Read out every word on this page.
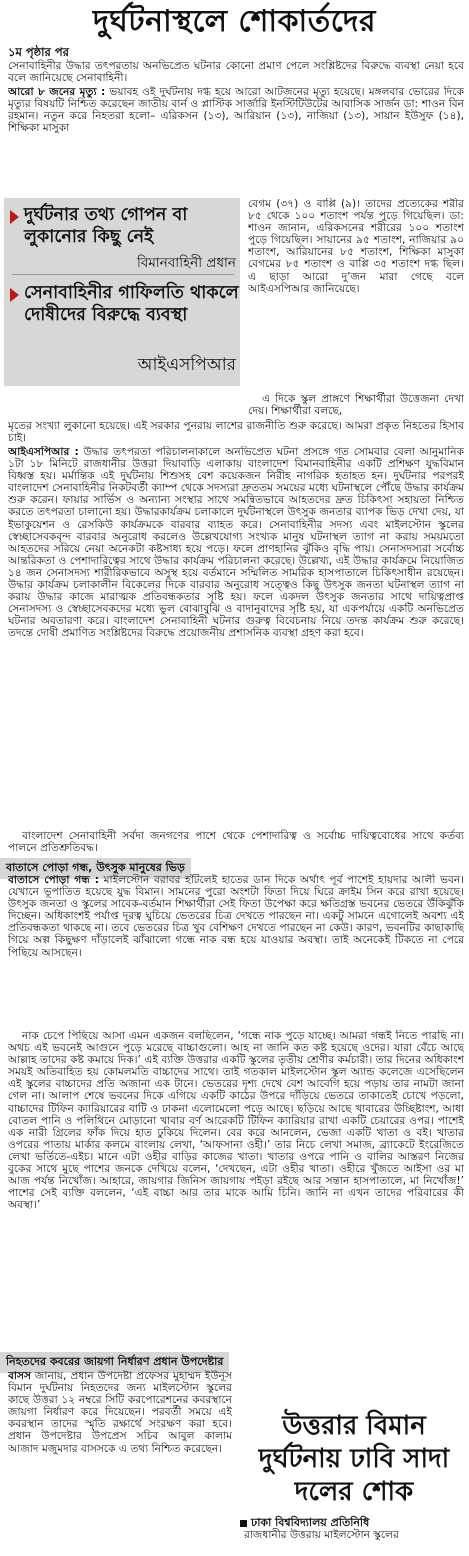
দুর্ঘটনাস্থলে শোকার্তদের
১ম পৃষ্ঠার পর
সেনাবাহিনীর উদ্ধার তৎপরতায় অনভিপ্রেত ঘটনার কোনো প্রমাণ পেলে সংশ্লিষ্টদের বিরুদ্ধে ব্যবস্থা নেয়া হবে বলে জানিয়েছে সেনাবাহিনী।
আরো ৮ জনের মৃত্যু : ভয়াবহ ওই দুর্ঘটনায় দগ্ধ হয়ে আরো আটজনের মৃত্যু হয়েছে। মঙ্গলবার ভোরের দিকে মৃত্যুর বিষয়টি নিশ্চিত করেছেন জাতীয় বার্ন ও প্লাস্টিক সার্জারি ইনস্টিটিউটের আবাসিক সার্জন ডা: শাওন বিন রহমান। নতুন করে নিহতরা হলো– এরিকসন (১৩), আরিয়ান (১৩), নাজিয়া (১৩), সায়ান ইউসুফ (১৪), শিক্ষিকা মাসুকা
দুর্ঘটনার তথ্য গোপন বা লুকানোর কিছু নেই
বিমানবাহিনী প্রধান
সেনাবাহিনীর গাফিলতি থাকলে দোষীদের বিরুদ্ধে ব্যবস্থা
আইএসপিআর
বেগম (৩৭) ও বাপ্পি (৯)। তাদের প্রত্যেকের শরীর ৮৫ থেকে ১০০ শতাংশ পর্যন্ত পুড়ে গিয়েছিল। ডা: শাওন জানান, এরিকসনের শরীরের ১০০ শতাংশ পুড়ে গিয়েছিল। সায়ানের ৯৫ শতাংশ, নাজিয়ার ৯০ শতাংশ, আরিয়ানের ৮৫ শতাংশ, শিক্ষিকা মাসুকা বেগমের ৮৫ শতাংশ ও বাপ্পি ৩৫ শতাংশ দগ্ধ ছিল। এ ছাড়া আরো দু’জন মারা গেছে বলে আইএসপিআর জানিয়েছে।
এ দিকে স্কুল প্রাঙ্গণে শিক্ষার্থীরা উত্তেজনা দেখা দেয়। শিক্ষার্থীরা বলছে,
মৃতের সংখ্যা লুকানো হয়েছে। এই সরকার পুনরায় লাশের রাজনীতি শুরু করেছে। আমরা প্রকৃত নিহতের হিসাব চাই।
আইএসপিআর : উদ্ধার তৎপরতা পরিচালনাকালে অনভিপ্রেত ঘটনা প্রসঙ্গে গত সোমবার বেলা আনুমানিক ১টা ১৮ মিনিটে রাজধানীর উত্তরা দিয়াবাড়ি এলাকায় বাংলাদেশ বিমানবাহিনীর একটি প্রশিক্ষণ যুদ্ধবিমান বিধ্বস্ত হয়। মর্মান্তিক এই দুর্ঘটনায় শিশুসহ বেশ কয়েকজন নিরীহ নাগরিক হতাহত হন। দুর্ঘটনার পরপরই বাংলাদেশ সেনাবাহিনীর নিকটবর্তী ক্যাম্প থেকে সদস্যরা দ্রুততম সময়ের মধ্যে ঘটনাস্থলে পৌঁছে উদ্ধার কার্যক্রম শুরু করেন। ফায়ার সার্ভিস ও অন্যান্য সংস্থার সাথে সমন্বিতভাবে আহতদের দ্রুত চিকিৎসা সহায়তা নিশ্চিত করতে তৎপরতা চালানো হয়। উদ্ধারকার্যক্রম চলাকালে দুর্ঘটনাস্থলে উৎসুক জনতার ব্যাপক ভিড় দেখা দেয়, যা ইভাকুয়েশন ও রেসকিউ কার্যক্রমকে বারবার ব্যাহত করে। সেনাবাহিনীর সদস্য এবং মাইলস্টোন স্কুলের স্বেচ্ছাসেবকবৃন্দ বারবার অনুরোধ করলেও উল্লেখযোগ্য সংখ্যক মানুষ ঘটনাস্থল ত্যাগ না করায় সময়মতো আহতদের সরিয়ে নেয়া অনেকটা কষ্টসাধ্য হয়ে পড়ে। ফলে প্রাণহানির ঝুঁকিও বৃদ্ধি পায়। সেনাসদস্যরা সর্বোচ্চ আন্তরিকতা ও পেশাদারিত্বের সাথে উদ্ধার কার্যক্রম পরিচালনা করেছে। উল্লেখ্য, এই উদ্ধার কার্যক্রমে নিয়োজিত ১৪ জন সেনাসদস্য শারীরিকভাবে অসুস্থ হয়ে বর্তমানে সম্মিলিত সামরিক হাসপাতালে চিকিৎসাধীন রয়েছেন। উদ্ধার কার্যক্রম চলাকালীন বিকেলের দিকে বারবার অনুরোধ সত্ত্বেও কিছু উৎসুক জনতা ঘটনাস্থল ত্যাগ না করায় উদ্ধার কাজে মারাত্মক প্রতিবন্ধকতার সৃষ্টি হয়। ফলে একদল উৎসুক জনতার সাথে দায়িত্বপ্রাপ্ত সেনাসদস্য ও স্বেচ্ছাসেবকদের মধ্যে ভুল বোঝাবুঝি ও বাদানুবাদের সৃষ্টি হয়, যা একপর্যায়ে একটি অনভিপ্রেত ঘটনার অবতারণা করে। বাংলাদেশ সেনাবাহিনী ঘটনার গুরুত্ব বিবেচনায় নিয়ে তদন্ত কার্যক্রম শুরু করেছে। তদন্তে দোষী প্রমাণিত সংশ্লিষ্টদের বিরুদ্ধে প্রয়োজনীয় প্রশাসনিক ব্যবস্থা গ্রহণ করা হবে।
বাংলাদেশ সেনাবাহিনী সর্বদা জনগণের পাশে থেকে পেশাদারিত্ব ও সর্বোচ্চ দায়িত্ববোধের সাথে কর্তব্য পালনে প্রতিশ্রুতিবদ্ধ।
বাতাসে পোড়া গন্ধ, উৎসুক মানুষের ভিড়
বাতাসে পোড়া গন্ধ : মাইলস্টোন বরাবর হাঁটলেই হাতের ডান দিকে অর্থাৎ পূর্ব পাশেই হায়দার আলী ভবন। যেখানে ভূপাতিত হয়েছে যুদ্ধ বিমান। সামনের পুরো অংশটা ফিতা দিয়ে ঘিরে ক্রাইম সিন করে রাখা হয়েছে। উৎসুক জনতা ও স্কুলের সাবেক-বর্তমান শিক্ষার্থীরা সেই ফিতা উপেক্ষা করে ক্ষতিগ্রস্ত ভবনের ভেতরে উঁকিঝুঁকি দিচ্ছেন। অধিকাংশই পর্যাপ্ত দূরত্ব ঘুচিয়ে ভেতরের চিত্র দেখতে পারছেন না। একটু সামনে এগোলেই অবশ্য এই প্রতিবন্ধকতা থাকছে না। তবে ভেতরের চিত্র খুব বেশিক্ষণ দেখতে পারছেন না কেউ। কারণ, ভবনটির কাছাকাছি গিয়ে অল্প কিছুক্ষণ দাঁড়ালেই ঝাঁঝালো গন্ধে নাক বন্ধ হয়ে যাওয়ার অবস্থা। তাই অনেকেই টিকতে না পেরে পিছিয়ে আসছেন।
নাক চেপে পিছিয়ে আসা এমন একজন বলছিলেন, ‘গন্ধে নাক পুড়ে যাচ্ছে। আমরা গন্ধই নিতে পারছি না। অথচ এই ভবনেই আগুনে পুড়ে মরেছে বাচ্চাগুলো। আহ না জানি কত কষ্ট হয়েছে ওদের। যারা বেঁচে আছে আল্লাহ তাদের কষ্ট কমায়ে দিক।’ এই ব্যক্তি উত্তরার একটি স্কুলের তৃতীয় শ্রেণীর কর্মচারী। তার দিনের অধিকাংশ সময়ই অতিবাহিত হয় কোমলমতি বাচ্চাদের সাথে। তাই গতকাল মাইলস্টোন স্কুল অ্যান্ড কলেজে এসেছিলেন এই স্কুলের বাচ্চাদের প্রতি অজানা এক টানে। ভেতরের দৃশ্য দেখে বেশ আবেগি হয়ে পড়ায় তার নামটা জানা গেল না। আলাপ শেষে ভবনের দিকে এগিয়ে একটি কাঠের উপরে দাঁড়িয়ে ভেতরে তাকাতেই চোখে পড়লো, বাচ্চাদের টিফিন ক্যারিয়ারের বাটি ও ঢাকনা এলোমেলো পড়ে আছে। ছড়িয়ে আছে খাবারের উচ্ছিষ্টাংশ, আধা বোতল পানি ও পলিথিনে মোড়ানো খাবার বর্ণ আরেকটি টিফিন ক্যারিয়ার রাখা একটি চেয়ারের ওপর। পাশেই এক নারী গ্রিলের ফাঁক দিয়ে হাত ঢুকিয়ে দিলেন। বের করে আনলেন, ভেজা একটি খাতা ও বই। খাতার ওপরের পাতায় মার্কার কলমে বাংলায় লেখা, ‘আফসানা ওহী।’ তার নিচে লেখা সমাজ, ব্র্যাকেটে ইংরেজিতে লেখা ভর্তিতে-এইচ। মানে এটা ওহীর বাড়ির কাজের খাতা। খাতার ওপরে পানি ও বালির আস্তরণ নিজের বুকের সাথে মুছে পাশের জনকে দেখিয়ে বলেন, ‘দেখছেন, এটা ওহীর খাতা। ওহীরে খুঁজতে আইসা ওর মা আজ পর্যন্ত নিখোঁজ। আহারে, জায়গার জিনিস জায়গায় পইড়া রইছে আর সন্তান হাসপাতালে, মা নিখোঁজ!’ পাশের সেই ব্যক্তি বললেন, ‘এই বাচ্চা আর তার মাকে আমি চিনি। জানি না এখন তাদের পরিবারের কী অবস্থা।’
নিহতদের কবরের জায়গা নির্ধারণ প্রধান উপদেষ্টার
বাসস জানায়, প্রধান উপদেষ্টা প্রফেসর মুহাম্মদ ইউনূস বিমান দুর্ঘটনায় নিহতদের জন্য মাইলস্টোন স্কুলের কাছে উত্তরা ১২ নম্বরে সিটি করপোরেশনের কবরস্থানে জায়গা নির্ধারণ করে দিয়েছেন। পরবর্তী সময়ে এই কবরস্থান তাদের স্মৃতি রক্ষার্থে সংরক্ষণ করা হবে। প্রধান উপদেষ্টার উপপ্রেস সচিব আবুল কালাম আজাদ মজুমদার বাসসকে এ তথ্য নিশ্চিত করেছেন।
উত্তরার বিমান দুর্ঘটনায় ঢাবি সাদা দলের শোক
ঢাকা বিশ্ববিদ্যালয় প্রতিনিধি
রাজধানীর উত্তরায় মাইলস্টোন স্কুলের
